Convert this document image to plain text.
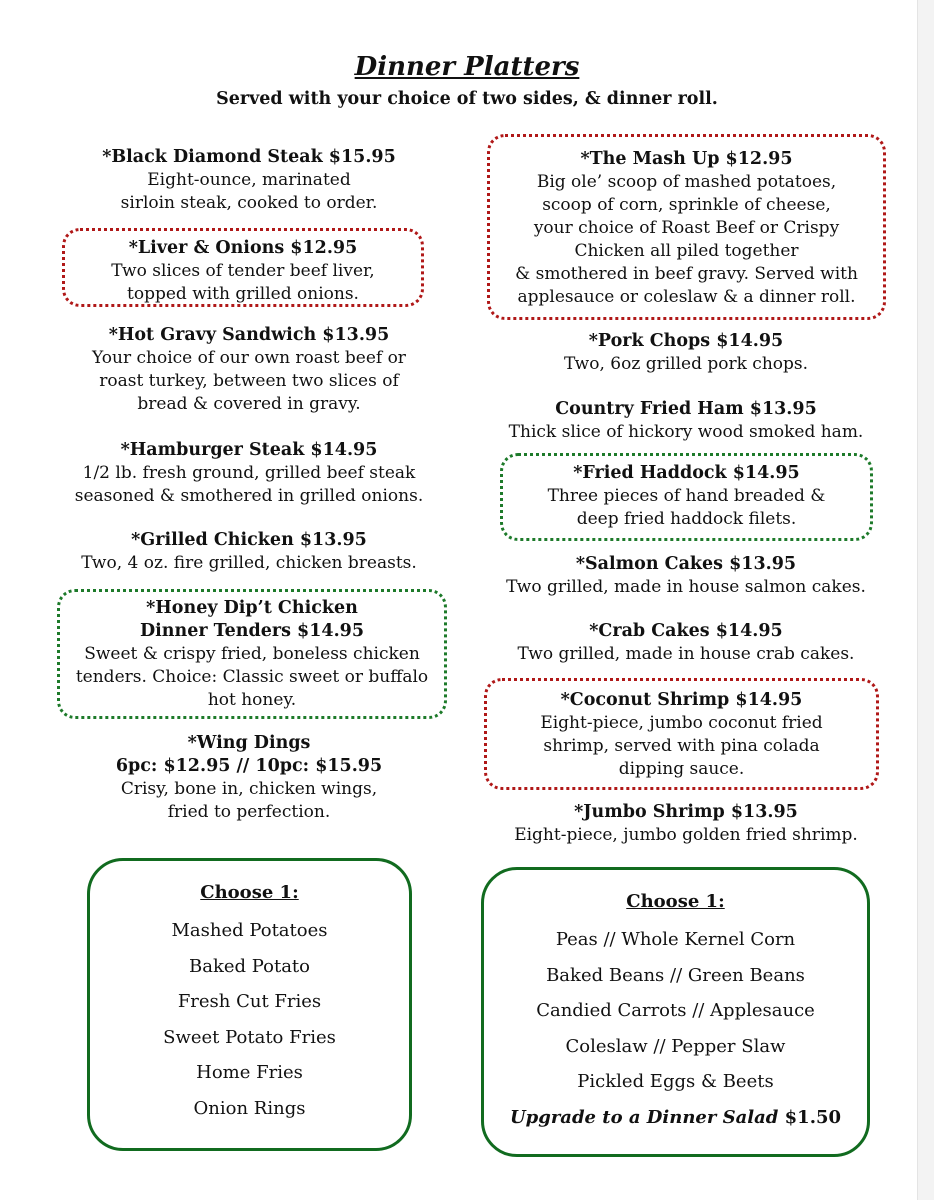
Dinner Platters
Served with your choice of two sides, & dinner roll.
*Black Diamond Steak $15.95
Eight-ounce, marinated
sirloin steak, cooked to order.
*Liver & Onions $12.95
Two slices of tender beef liver,
topped with grilled onions.
*Hot Gravy Sandwich $13.95
Your choice of our own roast beef or
roast turkey, between two slices of
bread & covered in gravy.
*Hamburger Steak $14.95
1/2 lb. fresh ground, grilled beef steak
seasoned & smothered in grilled onions.
*Grilled Chicken $13.95
Two, 4 oz. fire grilled, chicken breasts.
*Honey Dip’t Chicken
Dinner Tenders $14.95
Sweet & crispy fried, boneless chicken
tenders. Choice: Classic sweet or buffalo
hot honey.
*Wing Dings
6pc: $12.95 // 10pc: $15.95
Crisy, bone in, chicken wings,
fried to perfection.
*The Mash Up $12.95
Big ole’ scoop of mashed potatoes,
scoop of corn, sprinkle of cheese,
your choice of Roast Beef or Crispy
Chicken all piled together
& smothered in beef gravy. Served with
applesauce or coleslaw & a dinner roll.
*Pork Chops $14.95
Two, 6oz grilled pork chops.
Country Fried Ham $13.95
Thick slice of hickory wood smoked ham.
*Fried Haddock $14.95
Three pieces of hand breaded &
deep fried haddock filets.
*Salmon Cakes $13.95
Two grilled, made in house salmon cakes.
*Crab Cakes $14.95
Two grilled, made in house crab cakes.
*Coconut Shrimp $14.95
Eight-piece, jumbo coconut fried
shrimp, served with pina colada
dipping sauce.
*Jumbo Shrimp $13.95
Eight-piece, jumbo golden fried shrimp.
Choose 1:
Mashed Potatoes
Baked Potato
Fresh Cut Fries
Sweet Potato Fries
Home Fries
Onion Rings
Choose 1:
Peas // Whole Kernel Corn
Baked Beans // Green Beans
Candied Carrots // Applesauce
Coleslaw // Pepper Slaw
Pickled Eggs & Beets
Upgrade to a Dinner Salad $1.50
